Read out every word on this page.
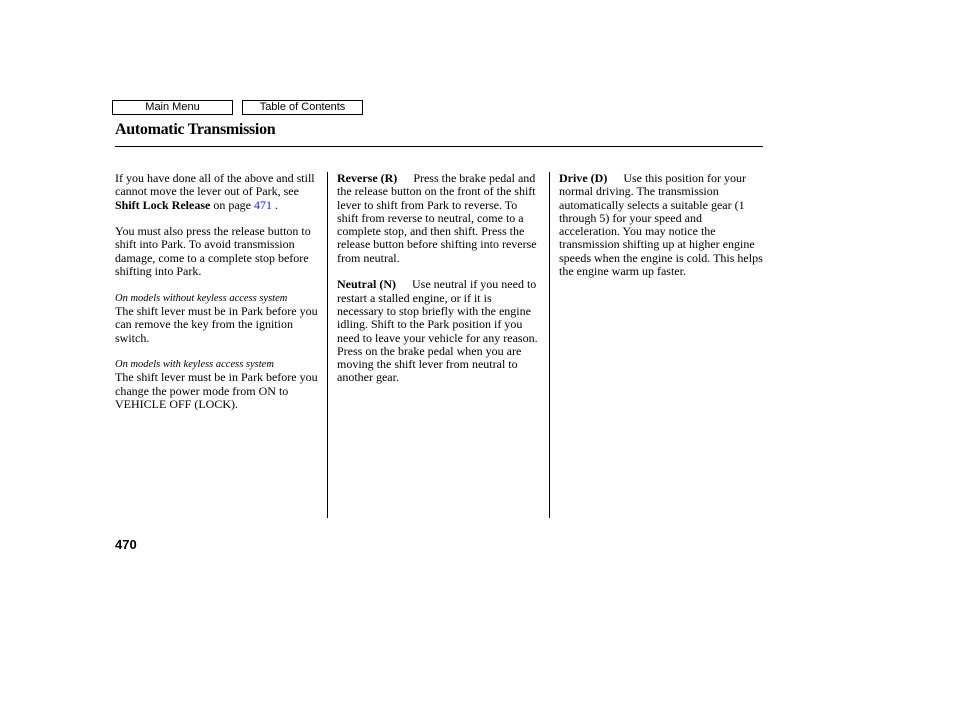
Main Menu	Table of Contents
Automatic Transmission

If you have done all of the above and still cannot move the lever out of Park, see Shift Lock Release on page 471 .

You must also press the release button to shift into Park. To avoid transmission damage, come to a complete stop before shifting into Park.

On models without keyless access system

The shift lever must be in Park before you can remove the key from the ignition switch.

On models with keyless access system

The shift lever must be in Park before you change the power mode from ON to VEHICLE OFF (LOCK).

Reverse (R) Press the brake pedal and the release button on the front of the shift lever to shift from Park to reverse. To shift from reverse to neutral, come to a complete stop, and then shift. Press the release button before shifting into reverse from neutral.

Neutral (N) Use neutral if you need to restart a stalled engine, or if it is necessary to stop briefly with the engine idling. Shift to the Park position if you need to leave your vehicle for any reason. Press on the brake pedal when you are moving the shift lever from neutral to another gear.

Drive (D) Use this position for your normal driving. The transmission automatically selects a suitable gear (1 through 5) for your speed and acceleration. You may notice the transmission shifting up at higher engine speeds when the engine is cold. This helps the engine warm up faster.

470
